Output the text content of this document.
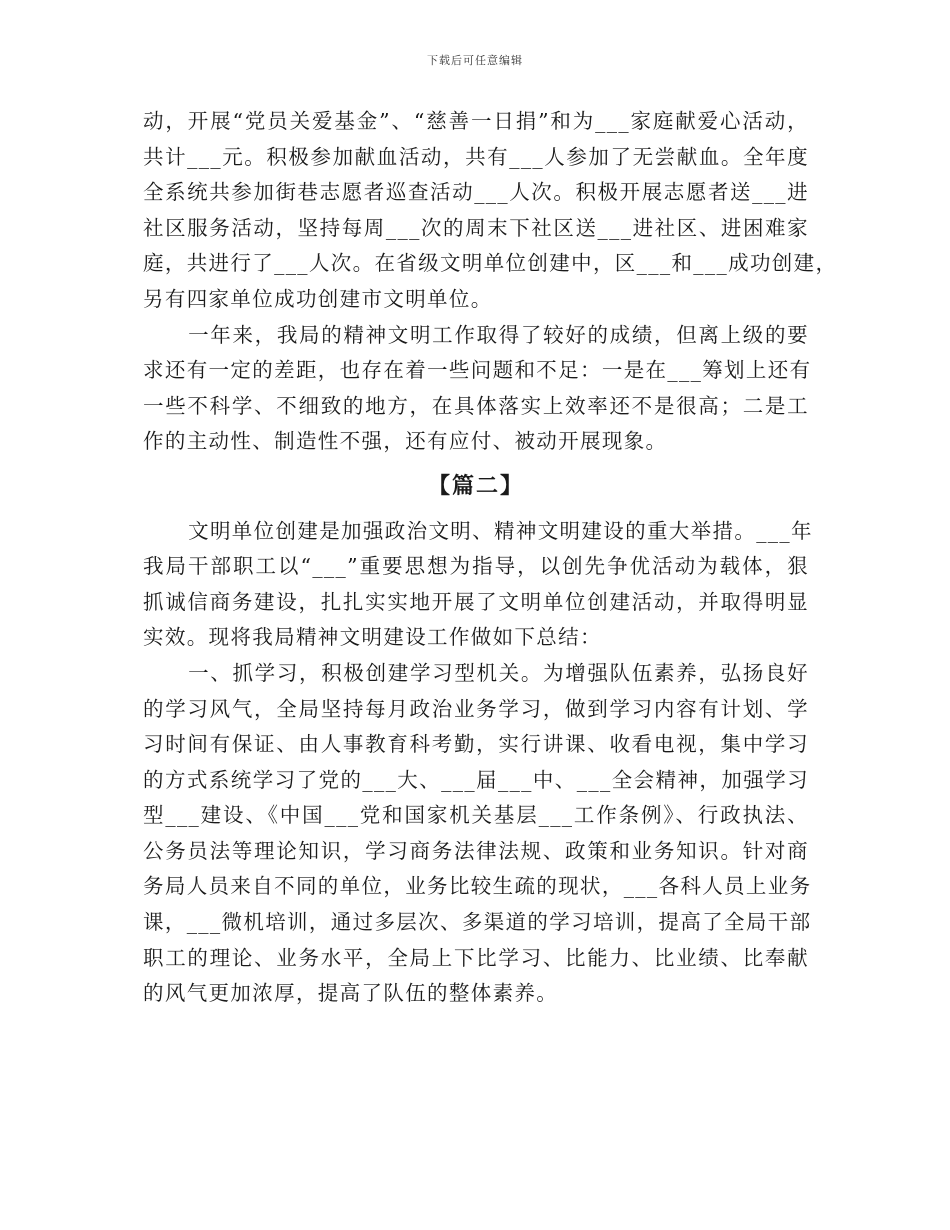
下载后可任意编辑

动，开展“党员关爱基金”、“慈善一日捐”和为___家庭献爱心活动，
共计___元。积极参加献血活动，共有___人参加了无尝献血。全年度
全系统共参加街巷志愿者巡查活动___人次。积极开展志愿者送___进
社区服务活动，坚持每周___次的周末下社区送___进社区、进困难家
庭，共进行了___人次。在省级文明单位创建中，区___和___成功创建，
另有四家单位成功创建市文明单位。

一年来，我局的精神文明工作取得了较好的成绩，但离上级的要
求还有一定的差距，也存在着一些问题和不足：一是在___筹划上还有
一些不科学、不细致的地方，在具体落实上效率还不是很高；二是工
作的主动性、制造性不强，还有应付、被动开展现象。

【篇二】

文明单位创建是加强政治文明、精神文明建设的重大举措。___年
我局干部职工以“___”重要思想为指导，以创先争优活动为载体，狠
抓诚信商务建设，扎扎实实地开展了文明单位创建活动，并取得明显
实效。现将我局精神文明建设工作做如下总结：

一、抓学习，积极创建学习型机关。为增强队伍素养，弘扬良好
的学习风气，全局坚持每月政治业务学习，做到学习内容有计划、学
习时间有保证、由人事教育科考勤，实行讲课、收看电视，集中学习
的方式系统学习了党的___大、___届___中、___全会精神，加强学习
型___建设、《中国___党和国家机关基层___工作条例》、行政执法、
公务员法等理论知识，学习商务法律法规、政策和业务知识。针对商
务局人员来自不同的单位，业务比较生疏的现状，___各科人员上业务
课，___微机培训，通过多层次、多渠道的学习培训，提高了全局干部
职工的理论、业务水平，全局上下比学习、比能力、比业绩、比奉献
的风气更加浓厚，提高了队伍的整体素养。
